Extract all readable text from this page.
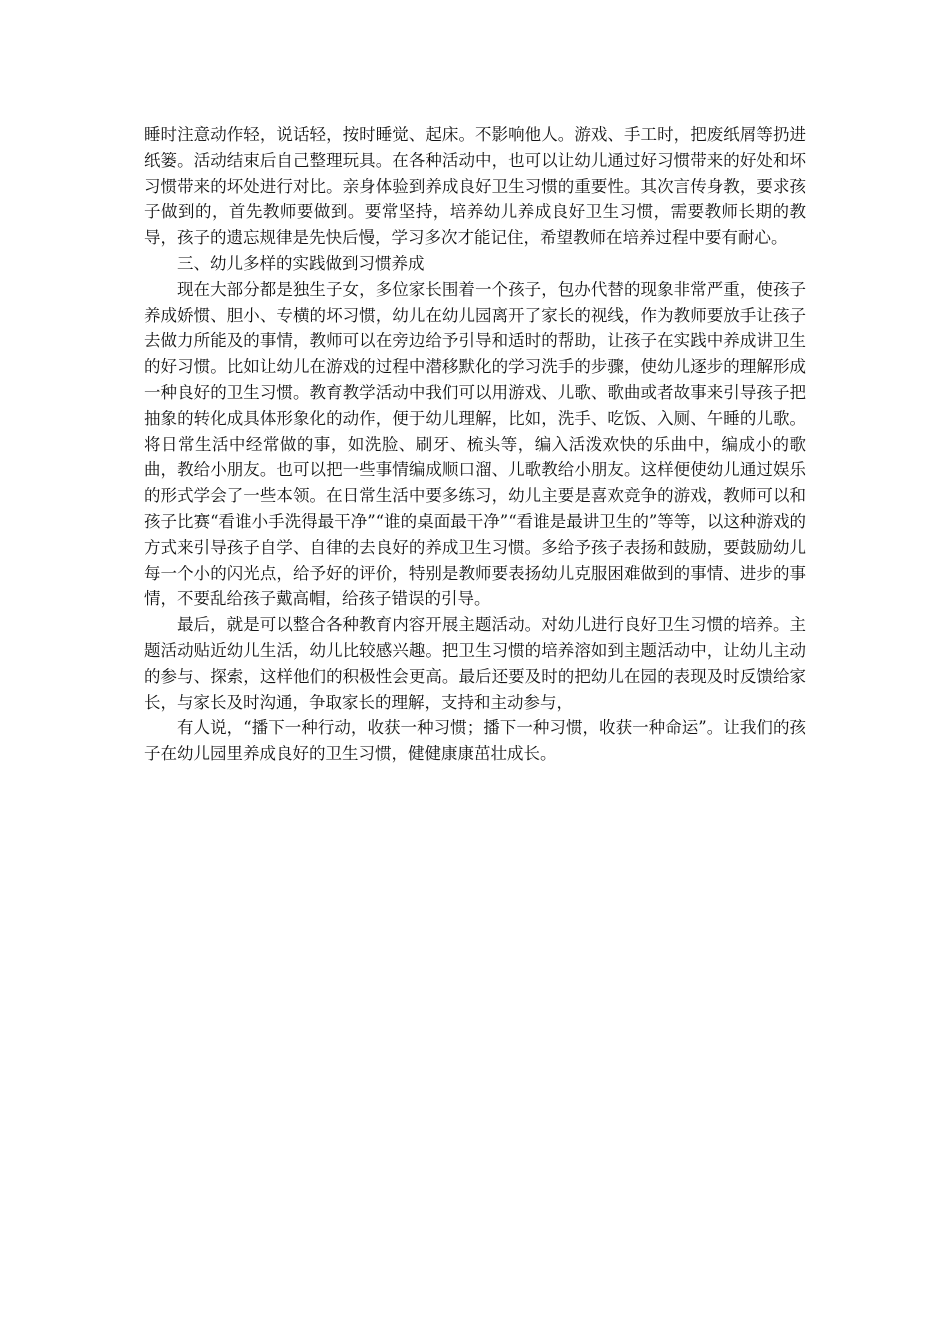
睡时注意动作轻，说话轻，按时睡觉、起床。不影响他人。游戏、手工时，把废纸屑等扔进纸篓。活动结束后自己整理玩具。在各种活动中，也可以让幼儿通过好习惯带来的好处和坏习惯带来的坏处进行对比。亲身体验到养成良好卫生习惯的重要性。其次言传身教，要求孩子做到的，首先教师要做到。要常坚持，培养幼儿养成良好卫生习惯，需要教师长期的教导，孩子的遗忘规律是先快后慢，学习多次才能记住，希望教师在培养过程中要有耐心。

三、幼儿多样的实践做到习惯养成

现在大部分都是独生子女，多位家长围着一个孩子，包办代替的现象非常严重，使孩子养成娇惯、胆小、专横的坏习惯，幼儿在幼儿园离开了家长的视线，作为教师要放手让孩子去做力所能及的事情，教师可以在旁边给予引导和适时的帮助，让孩子在实践中养成讲卫生的好习惯。比如让幼儿在游戏的过程中潜移默化的学习洗手的步骤，使幼儿逐步的理解形成一种良好的卫生习惯。教育教学活动中我们可以用游戏、儿歌、歌曲或者故事来引导孩子把抽象的转化成具体形象化的动作，便于幼儿理解，比如，洗手、吃饭、入厕、午睡的儿歌。将日常生活中经常做的事，如洗脸、刷牙、梳头等，编入活泼欢快的乐曲中，编成小的歌曲，教给小朋友。也可以把一些事情编成顺口溜、儿歌教给小朋友。这样便使幼儿通过娱乐的形式学会了一些本领。在日常生活中要多练习，幼儿主要是喜欢竞争的游戏，教师可以和孩子比赛“看谁小手洗得最干净”“谁的桌面最干净”“看谁是最讲卫生的”等等，以这种游戏的方式来引导孩子自学、自律的去良好的养成卫生习惯。多给予孩子表扬和鼓励，要鼓励幼儿每一个小的闪光点，给予好的评价，特别是教师要表扬幼儿克服困难做到的事情、进步的事情，不要乱给孩子戴高帽，给孩子错误的引导。

最后，就是可以整合各种教育内容开展主题活动。对幼儿进行良好卫生习惯的培养。主题活动贴近幼儿生活，幼儿比较感兴趣。把卫生习惯的培养溶如到主题活动中，让幼儿主动的参与、探索，这样他们的积极性会更高。最后还要及时的把幼儿在园的表现及时反馈给家长，与家长及时沟通，争取家长的理解，支持和主动参与，

有人说，“播下一种行动，收获一种习惯；播下一种习惯，收获一种命运”。让我们的孩子在幼儿园里养成良好的卫生习惯，健健康康茁壮成长。
